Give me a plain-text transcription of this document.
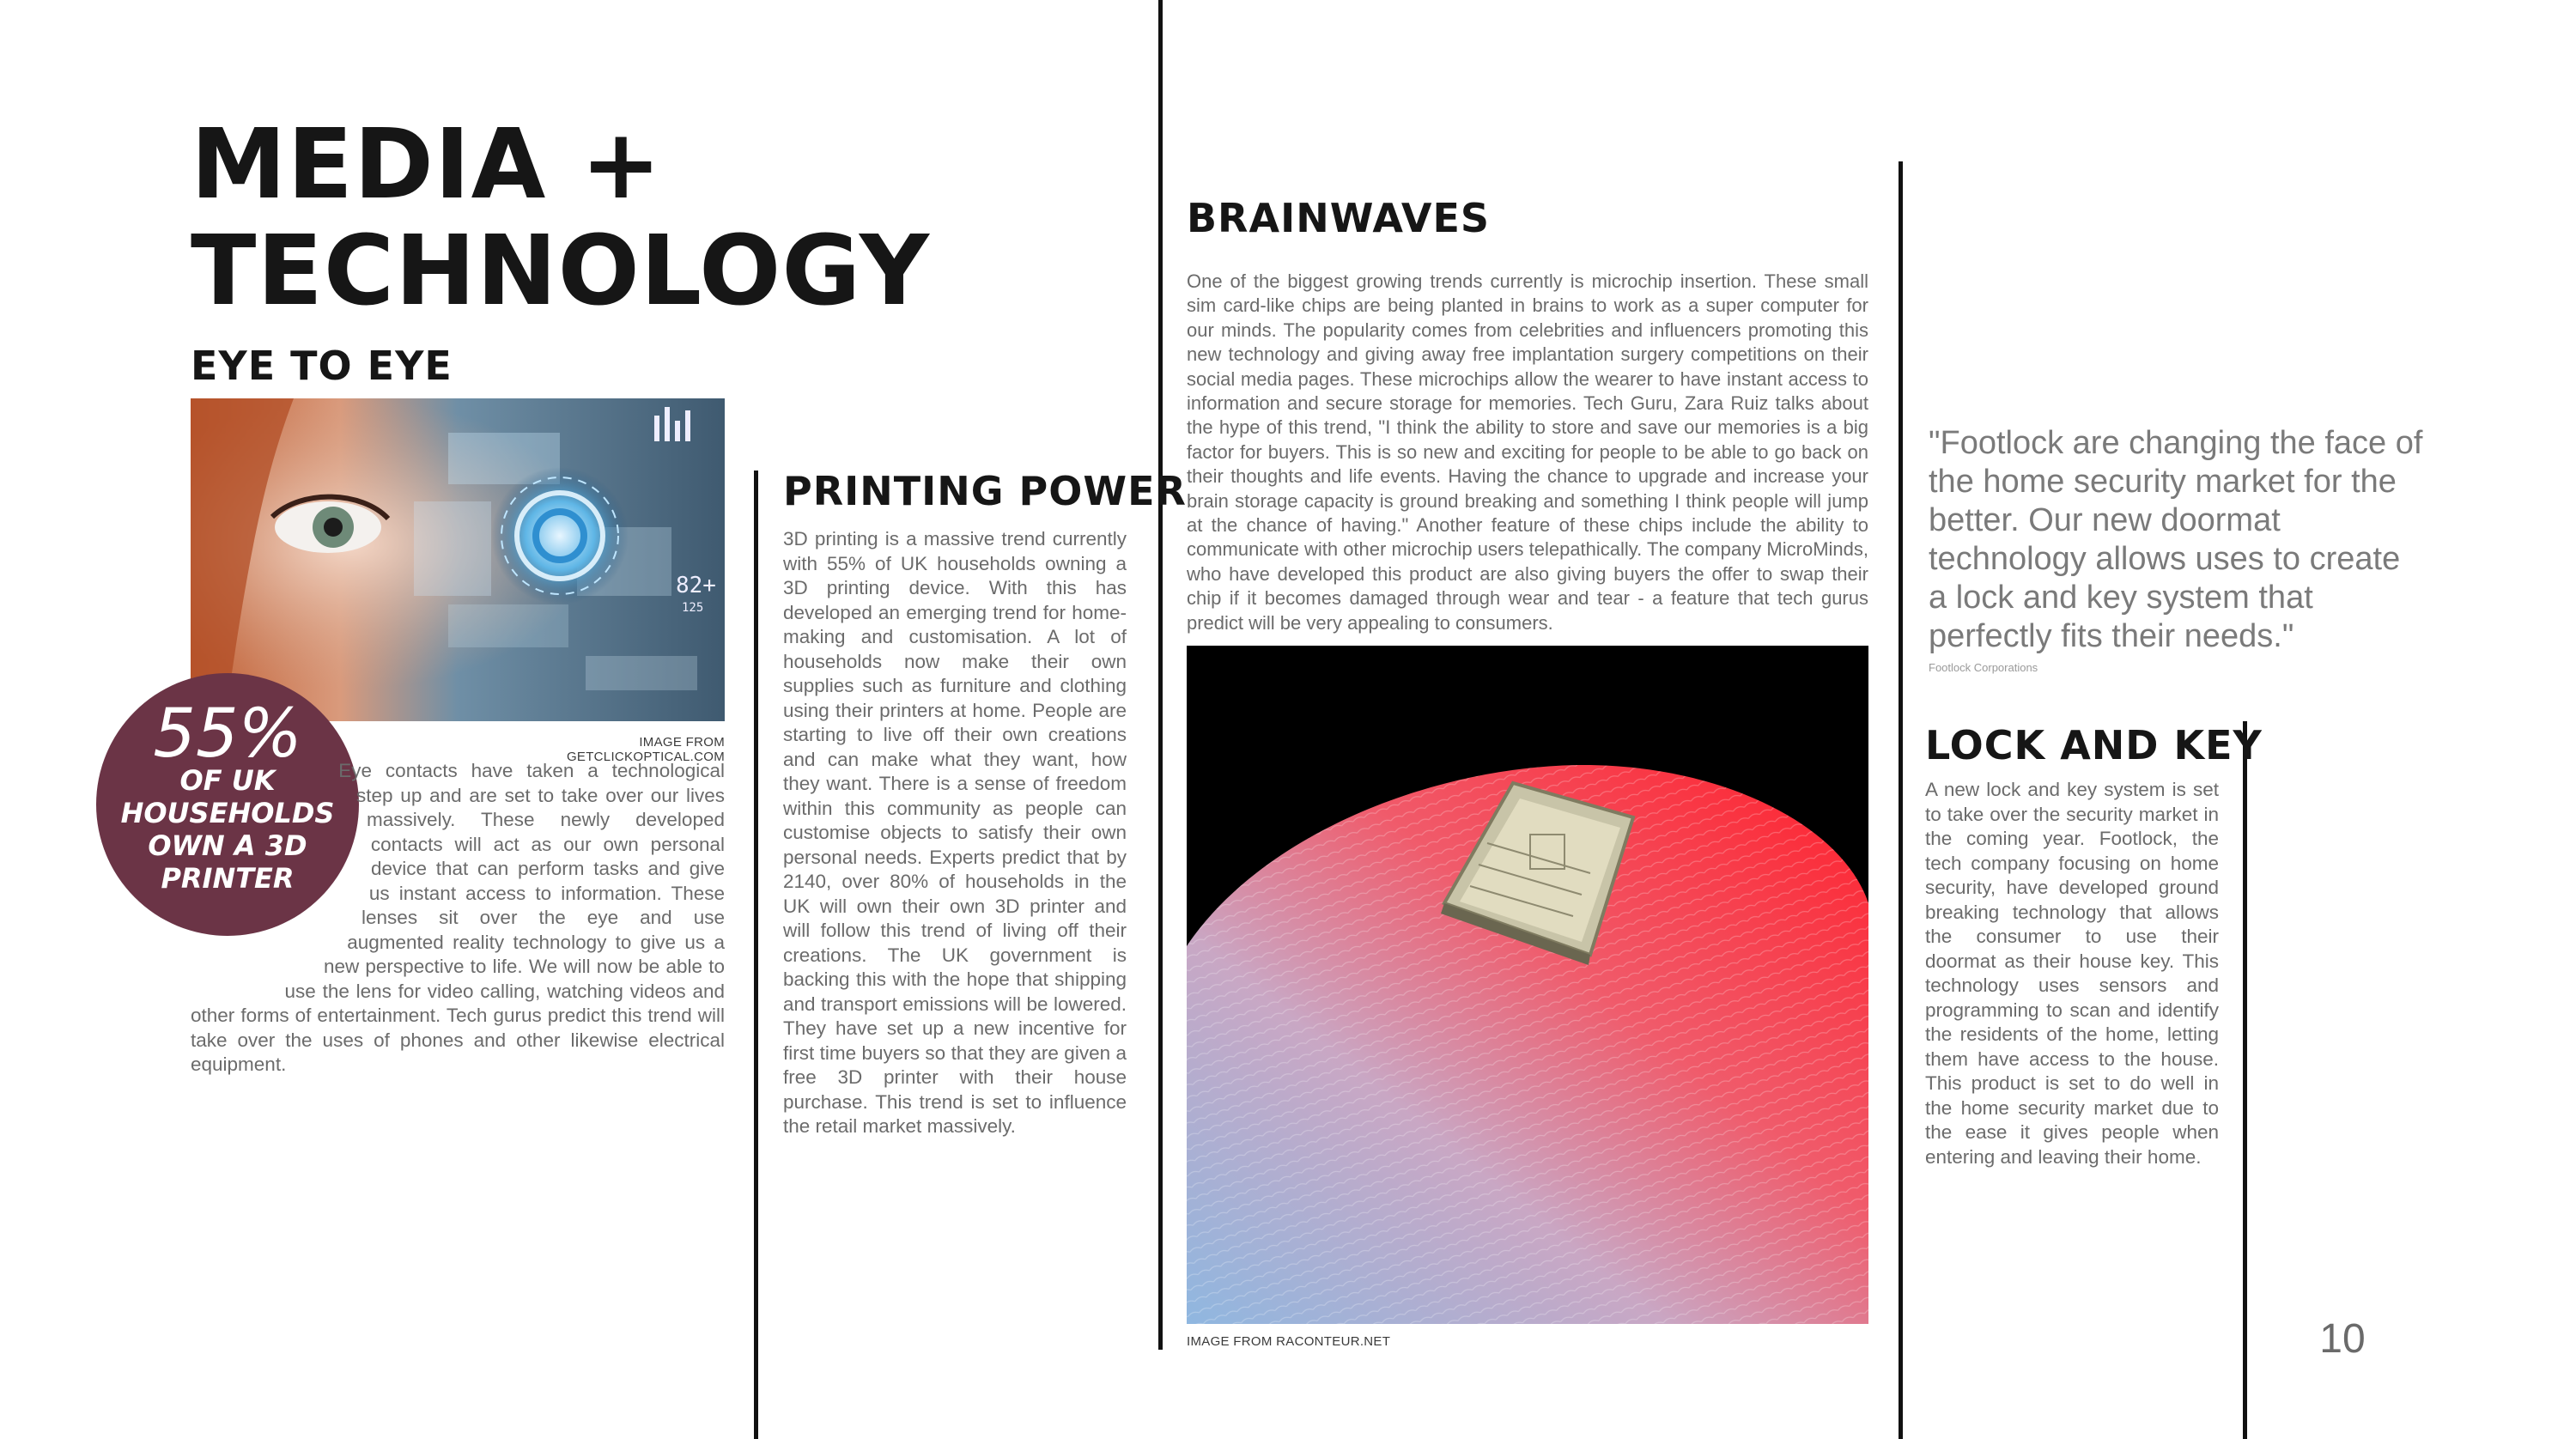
MEDIA +
TECHNOLOGY
EYE TO EYE
82+
125
IMAGE FROM GETCLICKOPTICAL.COM
55%
OF UK
HOUSEHOLDS
OWN A 3D
PRINTER
Eye contacts have taken a technological step up and are set to take over our lives massively. These newly developed contacts will act as our own personal device that can perform tasks and give us instant access to information. These lenses sit over the eye and use augmented reality technology to give us a new perspective to life. We will now be able to use the lens for video calling, watching videos and other forms of entertainment. Tech gurus predict this trend will take over the uses of phones and other likewise electrical equipment.
PRINTING POWER
3D printing is a massive trend currently with 55% of UK households owning a 3D printing device. With this has developed an emerging trend for home-making and customisation. A lot of households now make their own supplies such as furniture and clothing using their printers at home. People are starting to live off their own creations and can make what they want, how they want. There is a sense of freedom within this community as people can customise objects to satisfy their own personal needs. Experts predict that by 2140, over 80% of households in the UK will own their own 3D printer and will follow this trend of living off their creations. The UK government is backing this with the hope that shipping and transport emissions will be lowered. They have set up a new incentive for first time buyers so that they are given a free 3D printer with their house purchase. This trend is set to influence the retail market massively.
BRAINWAVES
One of the biggest growing trends currently is microchip insertion. These small sim card-like chips are being planted in brains to work as a super computer for our minds. The popularity comes from celebrities and influencers promoting this new technology and giving away free implantation surgery competitions on their social media pages. These microchips allow the wearer to have instant access to information and secure storage for memories. Tech Guru, Zara Ruiz talks about the hype of this trend, "I think the ability to store and save our memories is a big factor for buyers. This is so new and exciting for people to be able to go back on their thoughts and life events. Having the chance to upgrade and increase your brain storage capacity is ground breaking and something I think people will jump at the chance of having." Another feature of these chips include the ability to communicate with other microchip users telepathically. The company MicroMinds, who have developed this product are also giving buyers the offer to swap their chip if it becomes damaged through wear and tear - a feature that tech gurus predict will be very appealing to consumers.
IMAGE FROM RACONTEUR.NET
"Footlock are changing the face of the home security market for the better. Our new doormat technology allows uses to create a lock and key system that perfectly fits their needs."
Footlock Corporations
LOCK AND KEY
A new lock and key system is set to take over the security market in the coming year. Footlock, the tech company focusing on home security, have developed ground breaking technology that allows the consumer to use their doormat as their house key. This technology uses sensors and programming to scan and identify the residents of the home, letting them have access to the house. This product is set to do well in the home security market due to the ease it gives people when entering and leaving their home.
10
